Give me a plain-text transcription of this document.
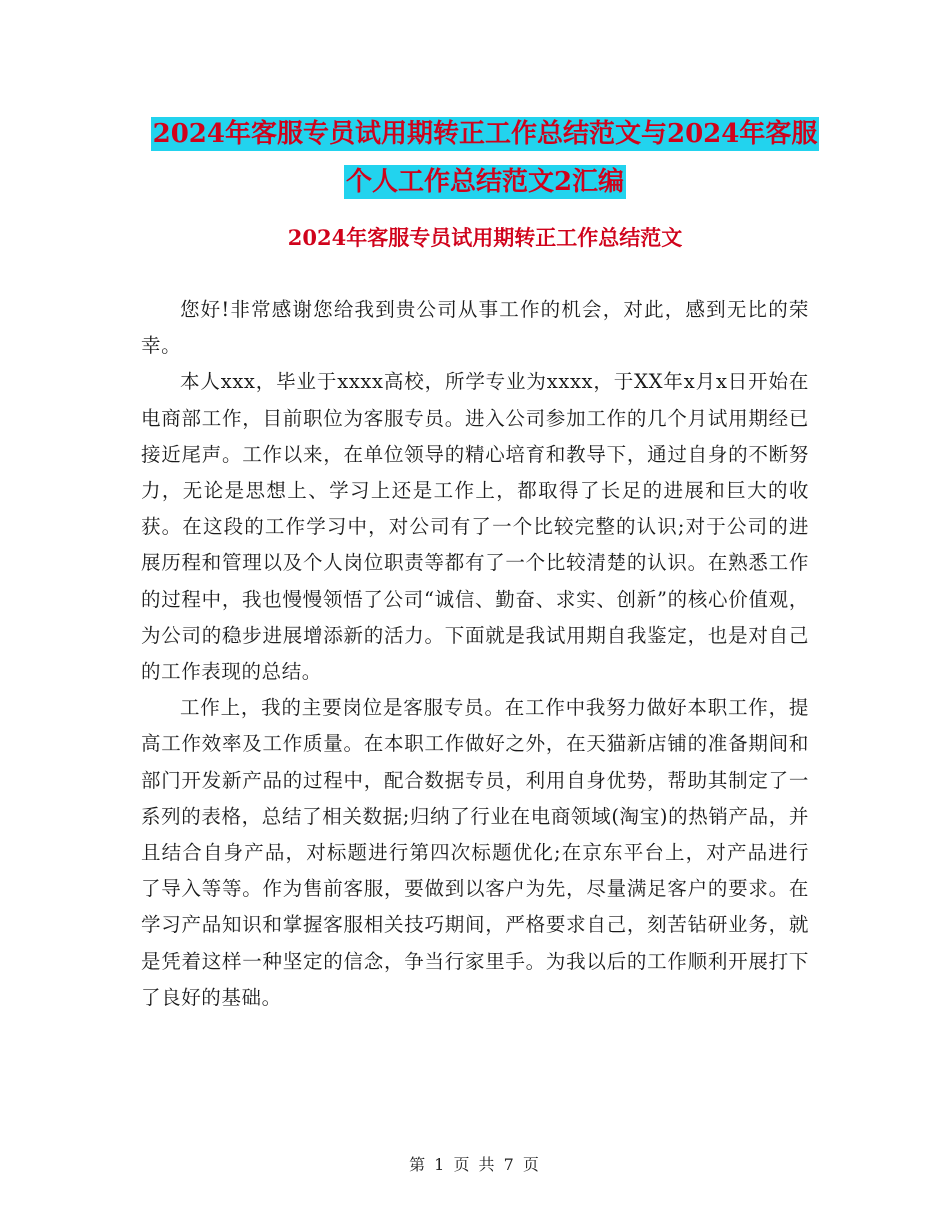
2024年客服专员试用期转正工作总结范文与2024年客服个人工作总结范文2汇编
2024年客服专员试用期转正工作总结范文

您好!非常感谢您给我到贵公司从事工作的机会，对此，感到无比的荣幸。

本人xxx，毕业于xxxx高校，所学专业为xxxx，于XX年x月x日开始在电商部工作，目前职位为客服专员。进入公司参加工作的几个月试用期经已接近尾声。工作以来，在单位领导的精心培育和教导下，通过自身的不断努力，无论是思想上、学习上还是工作上，都取得了长足的进展和巨大的收获。在这段的工作学习中，对公司有了一个比较完整的认识;对于公司的进展历程和管理以及个人岗位职责等都有了一个比较清楚的认识。在熟悉工作的过程中，我也慢慢领悟了公司“诚信、勤奋、求实、创新”的核心价值观，为公司的稳步进展增添新的活力。下面就是我试用期自我鉴定，也是对自己的工作表现的总结。

工作上，我的主要岗位是客服专员。在工作中我努力做好本职工作，提高工作效率及工作质量。在本职工作做好之外，在天猫新店铺的准备期间和部门开发新产品的过程中，配合数据专员，利用自身优势，帮助其制定了一系列的表格，总结了相关数据;归纳了行业在电商领域(淘宝)的热销产品，并且结合自身产品，对标题进行第四次标题优化;在京东平台上，对产品进行了导入等等。作为售前客服，要做到以客户为先，尽量满足客户的要求。在学习产品知识和掌握客服相关技巧期间，严格要求自己，刻苦钻研业务，就是凭着这样一种坚定的信念，争当行家里手。为我以后的工作顺利开展打下了良好的基础。

第 1 页 共 7 页
